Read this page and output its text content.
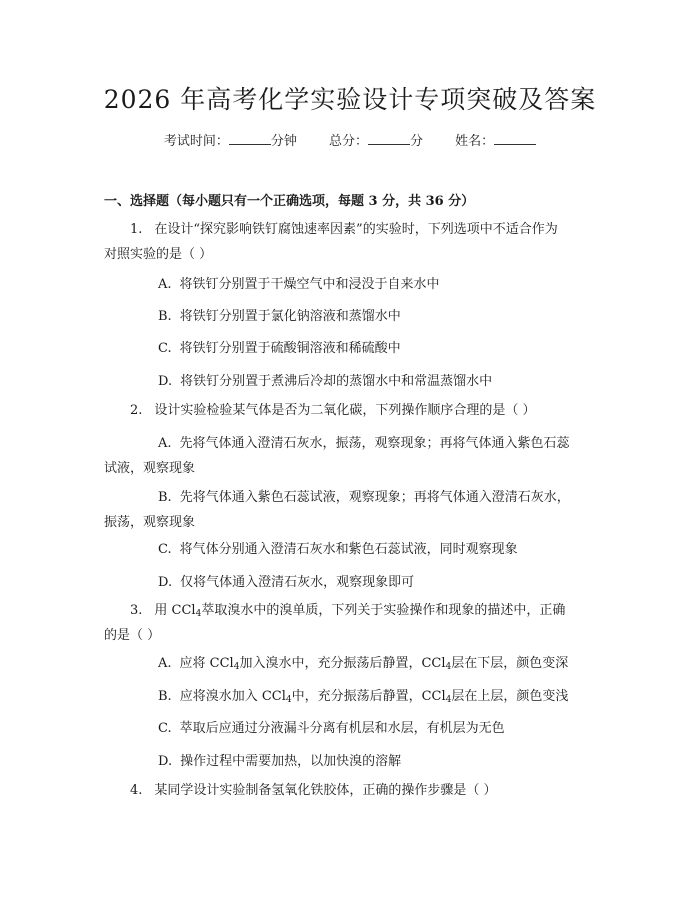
2026 年高考化学实验设计专项突破及答案
考试时间：	分钟 总分：	分 姓名：
一、选择题（每小题只有一个正确选项，每题 3 分，共 36 分）
1. 在设计“探究影响铁钉腐蚀速率因素”的实验时，下列选项中不适合作为
对照实验的是（ ）
A. 将铁钉分别置于干燥空气中和浸没于自来水中
B. 将铁钉分别置于氯化钠溶液和蒸馏水中
C. 将铁钉分别置于硫酸铜溶液和稀硫酸中
D. 将铁钉分别置于煮沸后冷却的蒸馏水中和常温蒸馏水中
2. 设计实验检验某气体是否为二氧化碳，下列操作顺序合理的是（ ）
A. 先将气体通入澄清石灰水，振荡，观察现象；再将气体通入紫色石蕊
试液，观察现象
B. 先将气体通入紫色石蕊试液，观察现象；再将气体通入澄清石灰水，
振荡，观察现象
C. 将气体分别通入澄清石灰水和紫色石蕊试液，同时观察现象
D. 仅将气体通入澄清石灰水，观察现象即可
3. 用 CCl$_4$萃取溴水中的溴单质，下列关于实验操作和现象的描述中，正确
的是（ ）
A. 应将 CCl$_4$加入溴水中，充分振荡后静置，CCl$_4$层在下层，颜色变深
B. 应将溴水加入 CCl$_4$中，充分振荡后静置，CCl$_4$层在上层，颜色变浅
C. 萃取后应通过分液漏斗分离有机层和水层，有机层为无色
D. 操作过程中需要加热，以加快溴的溶解
4. 某同学设计实验制备氢氧化铁胶体，正确的操作步骤是（ ）
